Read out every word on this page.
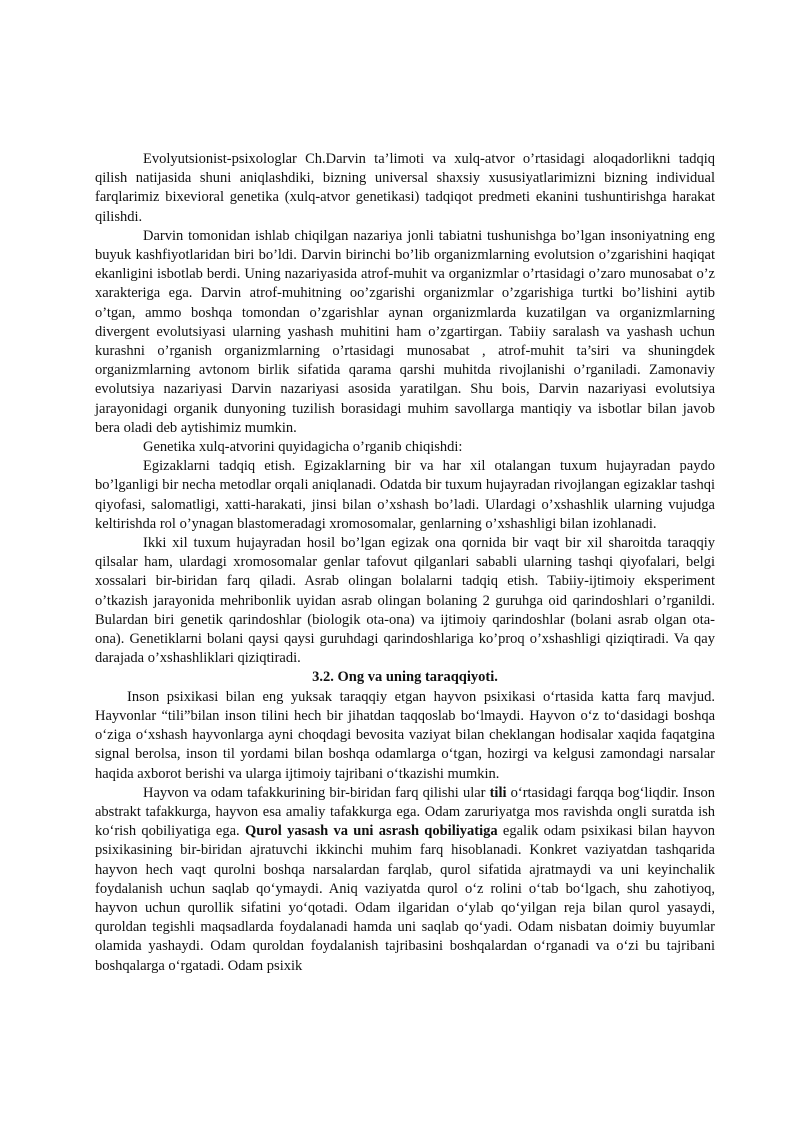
Evolyutsionist-psixologlar Ch.Darvin ta’limoti va xulq-atvor o’rtasidagi aloqadorlikni tadqiq qilish natijasida shuni aniqlashdiki, bizning universal shaxsiy xususiyatlarimizni bizning individual farqlarimiz bixevioral genetika (xulq-atvor genetikasi) tadqiqot predmeti ekanini tushuntirishga harakat qilishdi.

Darvin tomonidan ishlab chiqilgan nazariya jonli tabiatni tushunishga bo’lgan insoniyatning eng buyuk kashfiyotlaridan biri bo’ldi. Darvin birinchi bo’lib organizmlarning evolutsion o’zgarishini haqiqat ekanligini isbotlab berdi. Uning nazariyasida atrof-muhit va organizmlar o’rtasidagi o’zaro munosabat o’z xarakteriga ega. Darvin atrof-muhitning oo’zgarishi organizmlar o’zgarishiga turtki bo’lishini aytib o’tgan, ammo boshqa tomondan o’zgarishlar aynan organizmlarda kuzatilgan va organizmlarning divergent evolutsiyasi ularning yashash muhitini ham o’zgartirgan. Tabiiy saralash va yashash uchun kurashni o’rganish organizmlarning o’rtasidagi munosabat , atrof-muhit ta’siri va shuningdek organizmlarning avtonom birlik sifatida qarama qarshi muhitda rivojlanishi o’rganiladi. Zamonaviy evolutsiya nazariyasi Darvin nazariyasi asosida yaratilgan. Shu bois, Darvin nazariyasi evolutsiya jarayonidagi organik dunyoning tuzilish borasidagi muhim savollarga mantiqiy va isbotlar bilan javob bera oladi deb aytishimiz mumkin.

Genetika xulq-atvorini quyidagicha o’rganib chiqishdi:

Egizaklarni tadqiq etish. Egizaklarning bir va har xil otalangan tuxum hujayradan paydo bo’lganligi bir necha metodlar orqali aniqlanadi. Odatda bir tuxum hujayradan rivojlangan egizaklar tashqi qiyofasi, salomatligi, xatti-harakati, jinsi bilan o’xshash bo’ladi. Ulardagi o’xshashlik ularning vujudga keltirishda rol o’ynagan blastomeradagi xromosomalar, genlarning o’xshashligi bilan izohlanadi.

Ikki xil tuxum hujayradan hosil bo’lgan egizak ona qornida bir vaqt bir xil sharoitda taraqqiy qilsalar ham, ulardagi xromosomalar genlar tafovut qilganlari sababli ularning tashqi qiyofalari, belgi xossalari bir-biridan farq qiladi. Asrab olingan bolalarni tadqiq etish. Tabiiy-ijtimoiy eksperiment o’tkazish jarayonida mehribonlik uyidan asrab olingan bolaning 2 guruhga oid qarindoshlari o’rganildi. Bulardan biri genetik qarindoshlar (biologik ota-ona) va ijtimoiy qarindoshlar (bolani asrab olgan ota-ona). Genetiklarni bolani qaysi qaysi guruhdagi qarindoshlariga ko’proq o’xshashligi qiziqtiradi. Va qay darajada o’xshashliklari qiziqtiradi.

3.2. Ong va uning taraqqiyoti.

Inson psixikasi bilan eng yuksak taraqqiy etgan hayvon psixikasi o‘rtasida katta farq mavjud. Hayvonlar “tili”bilan inson tilini hech bir jihatdan taqqoslab bo‘lmaydi. Hayvon o‘z to‘dasidagi boshqa o‘ziga o‘xshash hayvonlarga ayni choqdagi bevosita vaziyat bilan cheklangan hodisalar xaqida faqatgina signal berolsa, inson til yordami bilan boshqa odamlarga o‘tgan, hozirgi va kelgusi zamondagi narsalar haqida axborot berishi va ularga ijtimoiy tajribani o‘tkazishi mumkin.

Hayvon va odam tafakkurining bir-biridan farq qilishi ular tili o‘rtasidagi farqqa bog‘liqdir. Inson abstrakt tafakkurga, hayvon esa amaliy tafakkurga ega. Odam zaruriyatga mos ravishda ongli suratda ish ko‘rish qobiliyatiga ega. Qurol yasash va uni asrash qobiliyatiga egalik odam psixikasi bilan hayvon psixikasining bir-biridan ajratuvchi ikkinchi muhim farq hisoblanadi. Konkret vaziyatdan tashqarida hayvon hech vaqt qurolni boshqa narsalardan farqlab, qurol sifatida ajratmaydi va uni keyinchalik foydalanish uchun saqlab qo‘ymaydi. Aniq vaziyatda qurol o‘z rolini o‘tab bo‘lgach, shu zahotiyoq, hayvon uchun qurollik sifatini yo‘qotadi. Odam ilgaridan o‘ylab qo‘yilgan reja bilan qurol yasaydi, quroldan tegishli maqsadlarda foydalanadi hamda uni saqlab qo‘yadi. Odam nisbatan doimiy buyumlar olamida yashaydi. Odam quroldan foydalanish tajribasini boshqalardan o‘rganadi va o‘zi bu tajribani boshqalarga o‘rgatadi. Odam psixik
